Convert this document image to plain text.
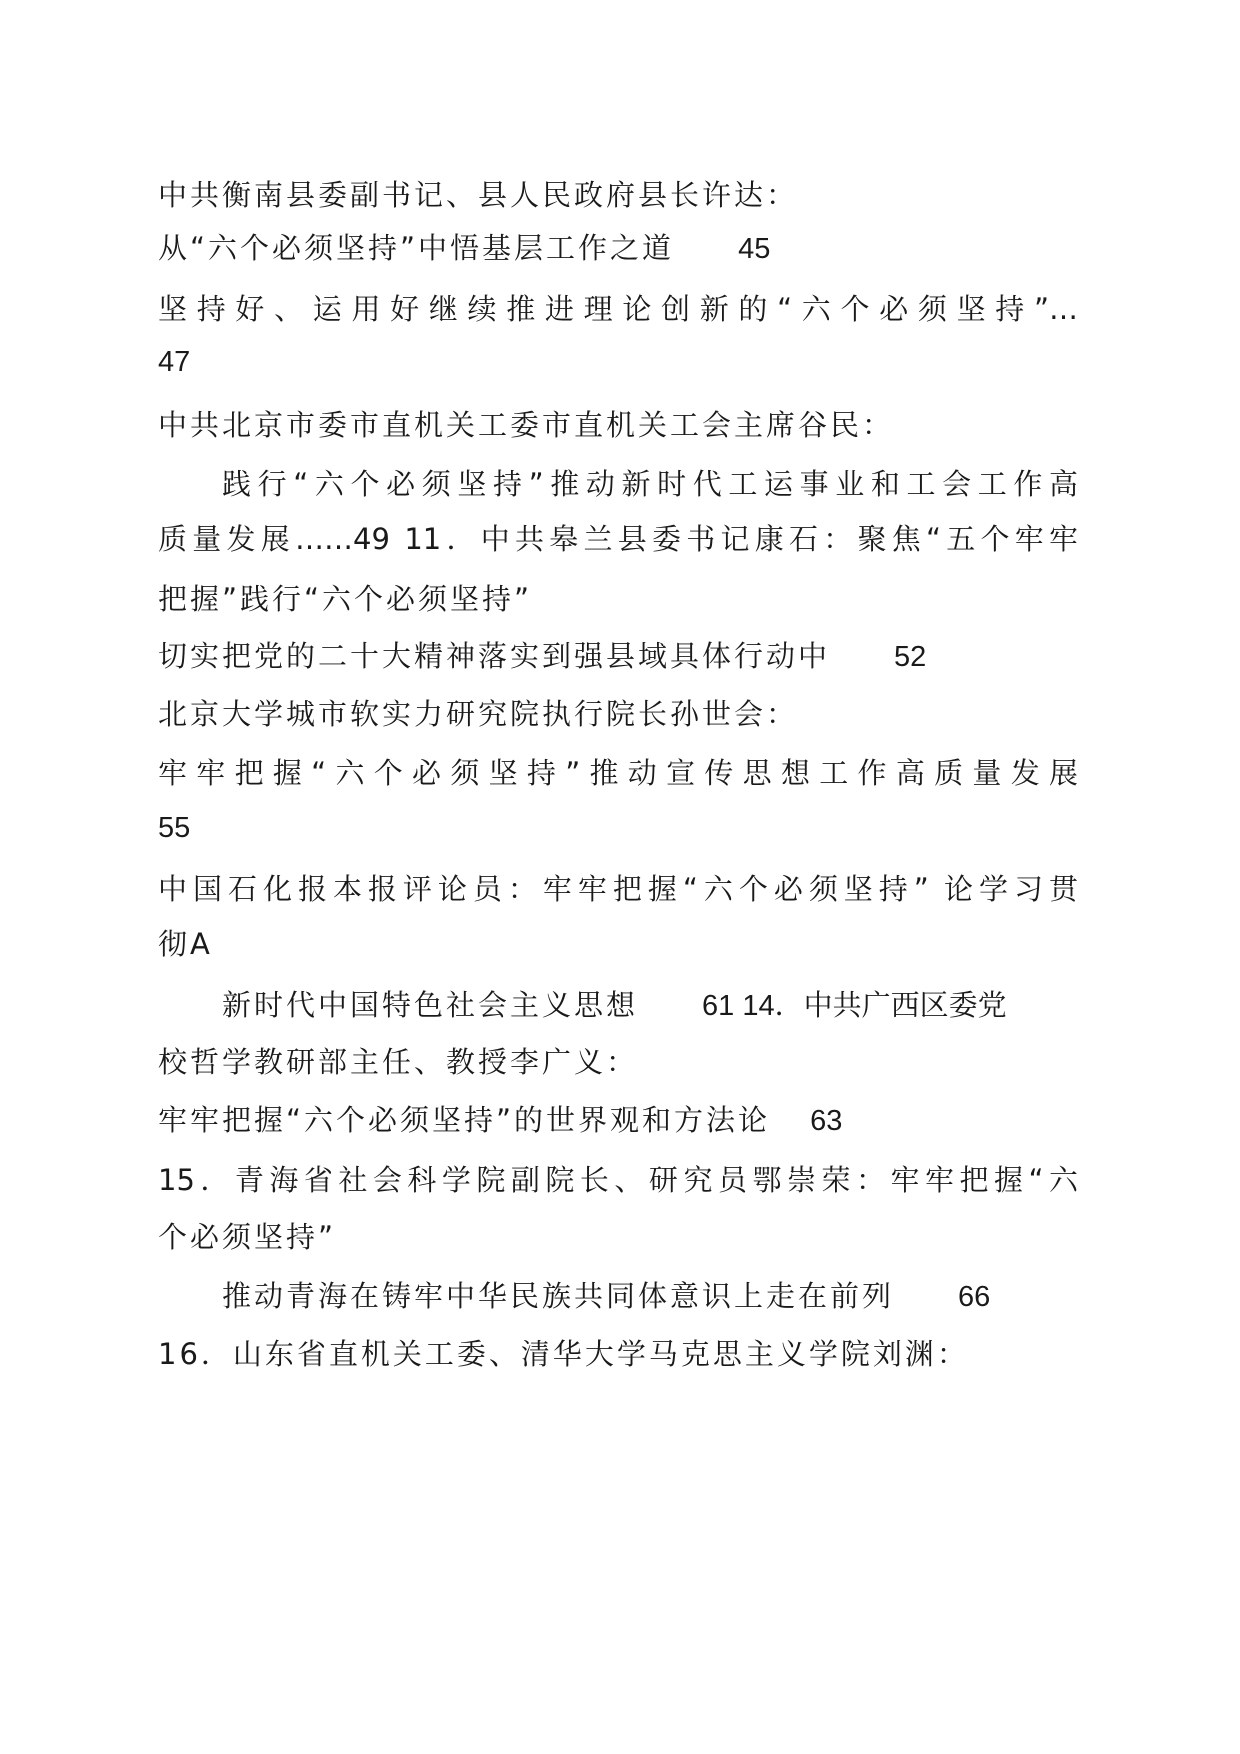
中共衡南县委副书记、县人民政府县长许达：
从“六个必须坚持”中悟基层工作之道 45
坚持好、运用好继续推进理论创新的“六个必须坚持”…
47
中共北京市委市直机关工委市直机关工会主席谷民：
践行“六个必须坚持”推动新时代工运事业和工会工作高
质量发展……49 11．中共皋兰县委书记康石：聚焦“五个牢牢
把握”践行“六个必须坚持”
切实把党的二十大精神落实到强县域具体行动中 52
北京大学城市软实力研究院执行院长孙世会：
牢牢把握“六个必须坚持”推动宣传思想工作高质量发展
55
中国石化报本报评论员：牢牢把握“六个必须坚持” 论学习贯
彻A
新时代中国特色社会主义思想 61 14．中共广西区委党
校哲学教研部主任、教授李广义：
牢牢把握“六个必须坚持”的世界观和方法论 63
15．青海省社会科学院副院长、研究员鄂崇荣：牢牢把握“六
个必须坚持”
推动青海在铸牢中华民族共同体意识上走在前列 66
16．山东省直机关工委、清华大学马克思主义学院刘渊：
